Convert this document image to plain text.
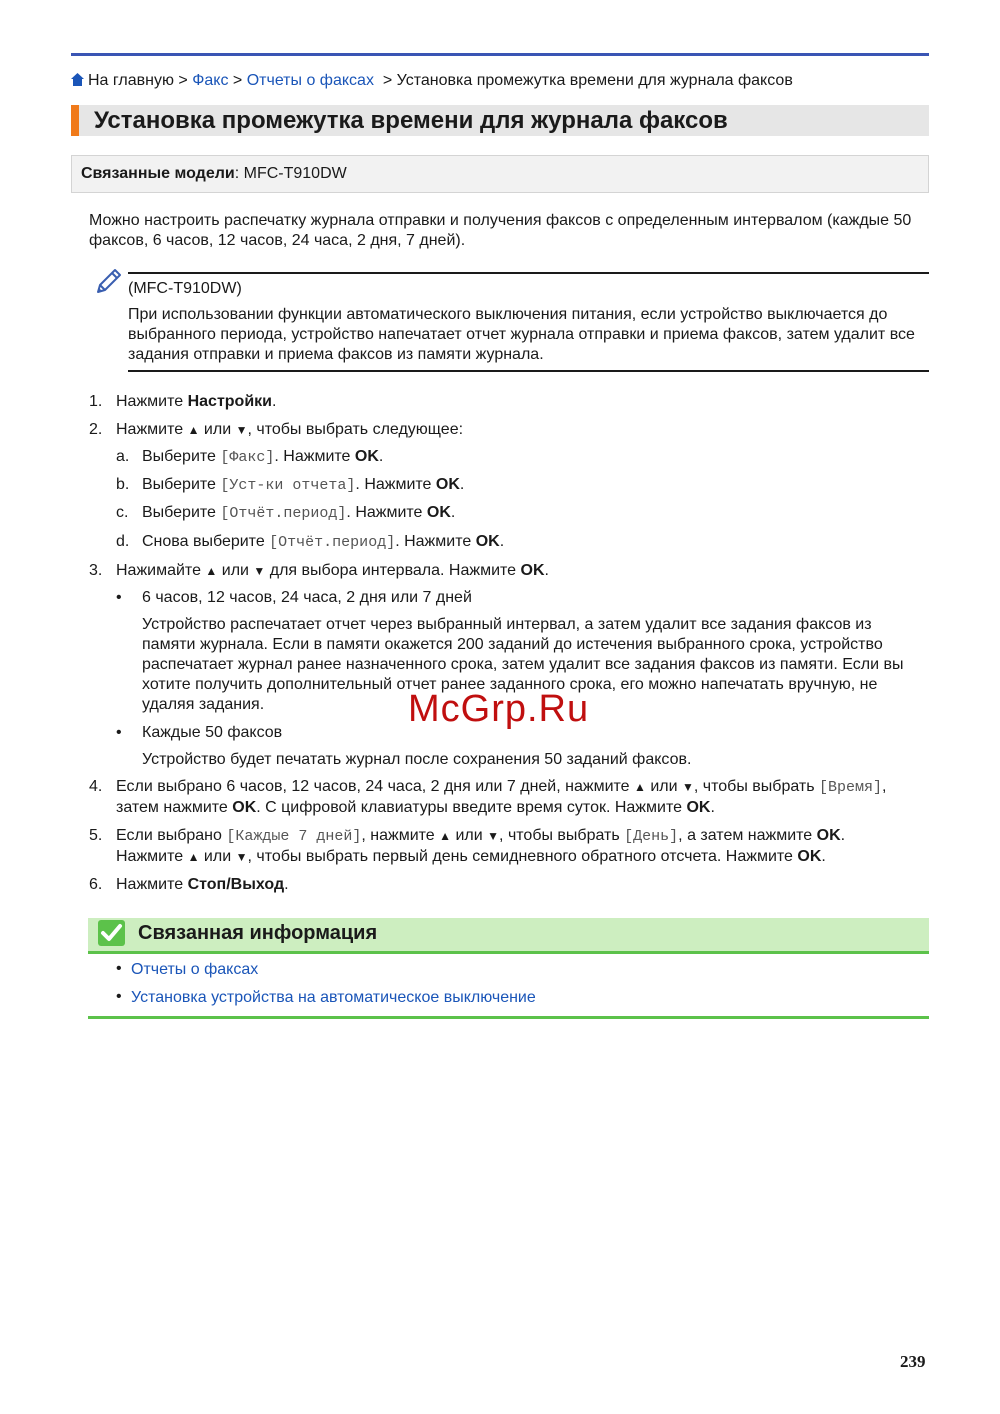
На главную > Факс > Отчеты о факсах > Установка промежутка времени для журнала факсов
Установка промежутка времени для журнала факсов
Связанные модели: MFC-T910DW
Можно настроить распечатку журнала отправки и получения факсов с определенным интервалом (каждые 50 факсов, 6 часов, 12 часов, 24 часа, 2 дня, 7 дней).
(MFC-T910DW)
При использовании функции автоматического выключения питания, если устройство выключается до выбранного периода, устройство напечатает отчет журнала отправки и приема факсов, затем удалит все задания отправки и приема факсов из памяти журнала.
1. Нажмите Настройки.
2. Нажмите ▲ или ▼, чтобы выбрать следующее:
a. Выберите [Факс]. Нажмите OK.
b. Выберите [Уст-ки отчета]. Нажмите OK.
c. Выберите [Отчёт.период]. Нажмите OK.
d. Снова выберите [Отчёт.период]. Нажмите OK.
3. Нажимайте ▲ или ▼ для выбора интервала. Нажмите OK.
• 6 часов, 12 часов, 24 часа, 2 дня или 7 дней
Устройство распечатает отчет через выбранный интервал, а затем удалит все задания факсов из памяти журнала. Если в памяти окажется 200 заданий до истечения выбранного срока, устройство распечатает журнал ранее назначенного срока, затем удалит все задания факсов из памяти. Если вы хотите получить дополнительный отчет ранее заданного срока, его можно напечатать вручную, не удаляя задания.
• Каждые 50 факсов
Устройство будет печатать журнал после сохранения 50 заданий факсов.
4. Если выбрано 6 часов, 12 часов, 24 часа, 2 дня или 7 дней, нажмите ▲ или ▼, чтобы выбрать [Время], затем нажмите OK. С цифровой клавиатуры введите время суток. Нажмите OK.
5. Если выбрано [Каждые 7 дней], нажмите ▲ или ▼, чтобы выбрать [День], а затем нажмите OK.
Нажмите ▲ или ▼, чтобы выбрать первый день семидневного обратного отсчета. Нажмите OK.
6. Нажмите Стоп/Выход.
Связанная информация
• Отчеты о факсах
• Установка устройства на автоматическое выключение
McGrp.Ru
239
